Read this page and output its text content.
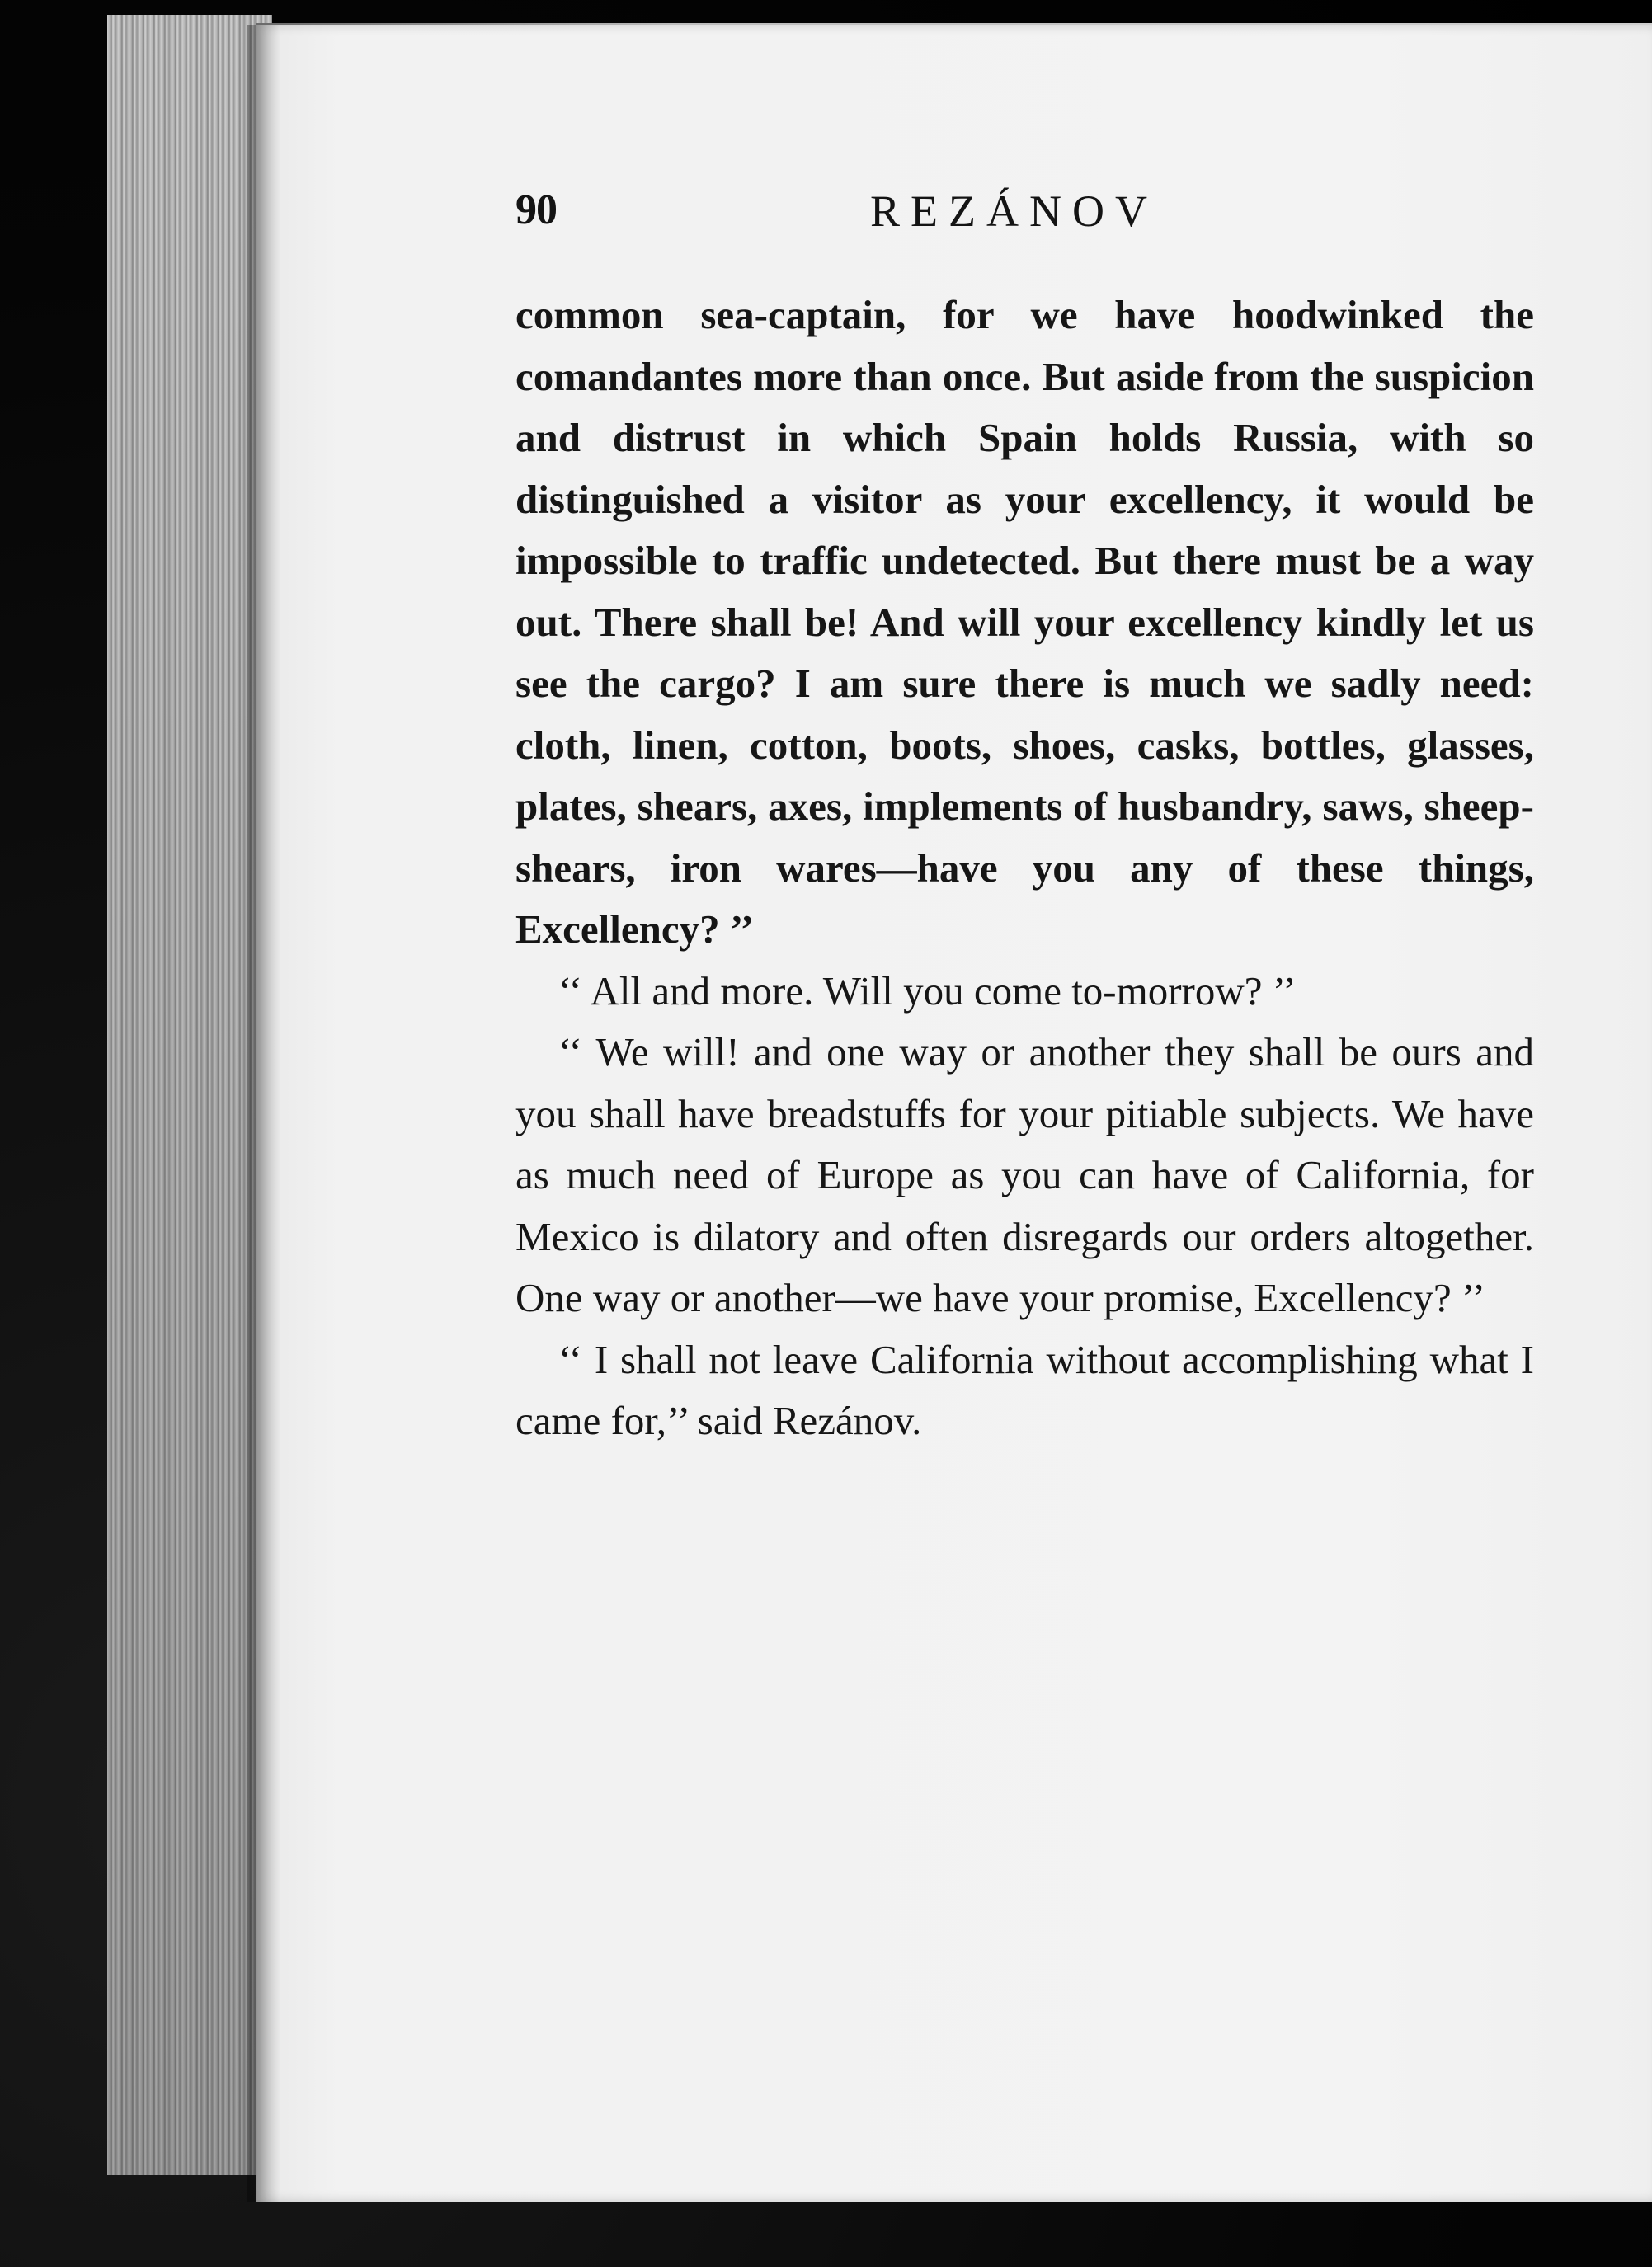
90	REZÁNOV

common sea-captain, for we have hoodwinked the comandantes more than once. But aside from the suspicion and distrust in which Spain holds Russia, with so distinguished a visitor as your excellency, it would be impossible to traffic undetected. But there must be a way out. There shall be! And will your excellency kindly let us see the cargo? I am sure there is much we sadly need: cloth, linen, cotton, boots, shoes, casks, bottles, glasses, plates, shears, axes, implements of husbandry, saws, sheep-shears, iron wares—have you any of these things, Excellency? ’’

‘‘ All and more. Will you come to-morrow? ’’

‘‘ We will! and one way or another they shall be ours and you shall have breadstuffs for your pitiable subjects. We have as much need of Europe as you can have of California, for Mexico is dilatory and often disregards our orders altogether. One way or another—we have your promise, Excellency? ’’

‘‘ I shall not leave California without accomplishing what I came for,’’ said Rezánov.
